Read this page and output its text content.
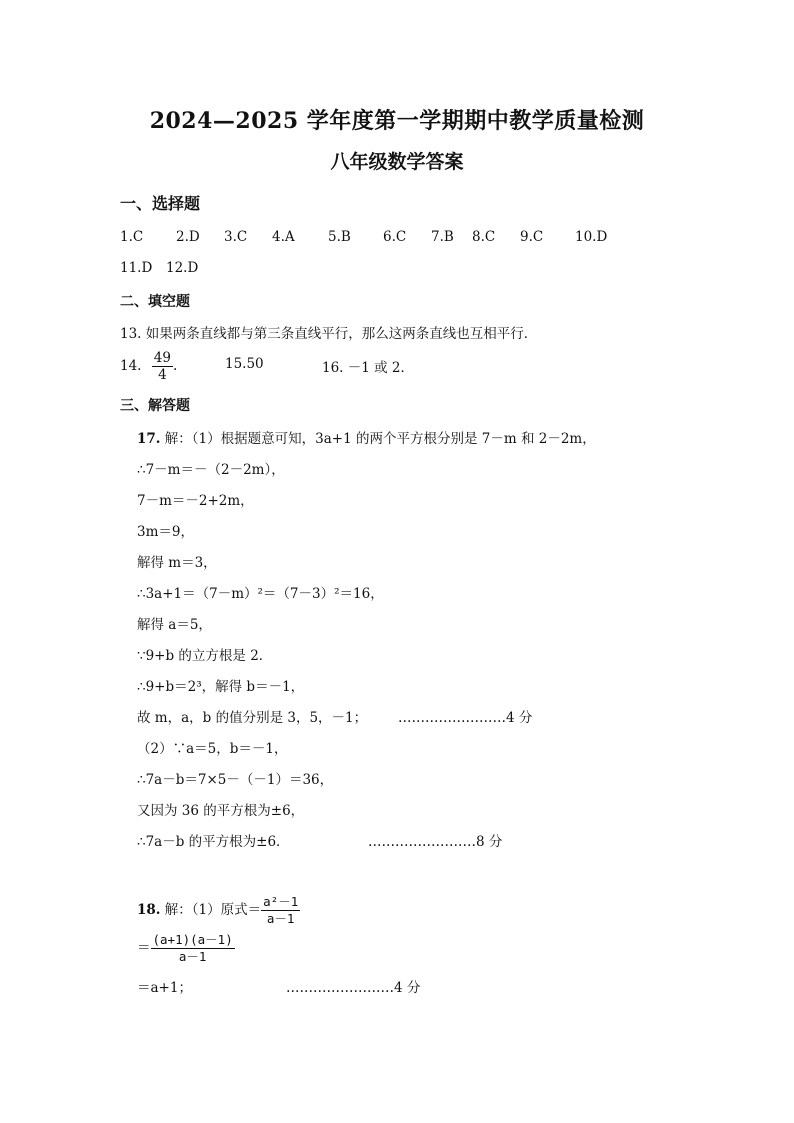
2024—2025 学年度第一学期期中教学质量检测
八年级数学答案
一、选择题
1.C 2.D 3.C 4.A 5.B 6.C 7.B 8.C 9.C 10.D
11.D 12.D
二、填空题
13. 如果两条直线都与第三条直线平行，那么这两条直线也互相平行．
14. $\frac{49}{4}$ .	15.50	16. －1 或 2．
三、解答题
17. 解：（1）根据题意可知，3a+1 的两个平方根分别是 7－m 和 2－2m，
∴7－m＝－（2－2m），
7－m＝－2+2m，
3m＝9，
解得 m＝3，
∴3a+1＝（7－m）²＝（7－3）²＝16，
解得 a＝5，
∵9+b 的立方根是 2．
∴9+b＝2³，解得 b＝－1，
故 m，a，b 的值分别是 3，5，－1； ……………………4 分
（2）∵a＝5，b＝－1，
∴7a－b＝7×5－（－1）＝36，
又因为 36 的平方根为±6，
∴7a－b 的平方根为±6．	……………………8 分
18. 解：（1）原式＝ $\frac{\text{a²－1}}{a-1}$
＝ $\frac{(a+1)(a-1)}{a-1}$
＝a+1；	……………………4 分
